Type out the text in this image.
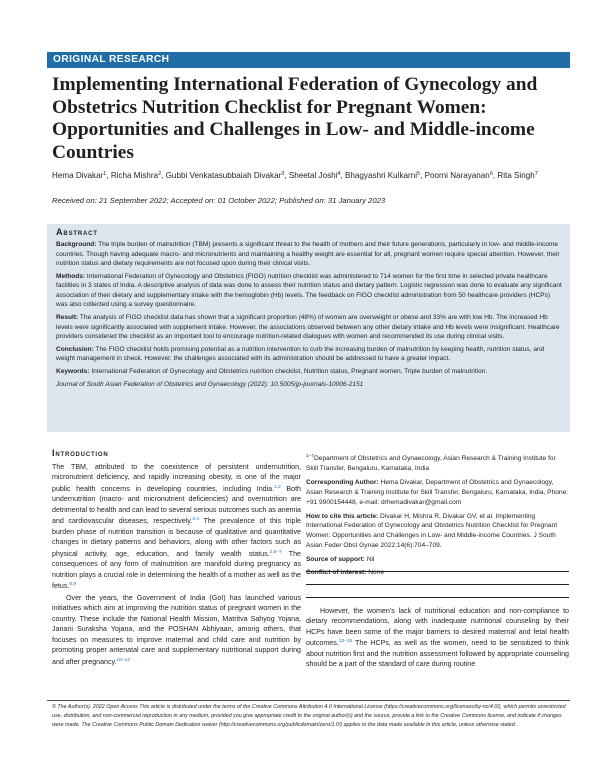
ORIGINAL RESEARCH
Implementing International Federation of Gynecology and Obstetrics Nutrition Checklist for Pregnant Women: Opportunities and Challenges in Low- and Middle-income Countries
Hema Divakar$^1$, Richa Mishra$^2$, Gubbi Venkatasubbaiah Divakar$^3$, Sheetal Joshi$^4$, Bhagyashri Kulkarni$^5$, Poorni Narayanan$^6$, Rita Singh$^7$
Received on: 21 September 2022; Accepted on: 01 October 2022; Published on: 31 January 2023
Abstract

Background: The triple burden of malnutrition (TBM) presents a significant threat to the health of mothers and their future generations, particularly in low- and middle-income countries. Though having adequate macro- and micronutrients and maintaining a healthy weight are essential for all, pregnant women require special attention. However, their nutrition status and dietary requirements are not focused upon during their clinical visits.

Methods: International Federation of Gynecology and Obstetrics (FIGO) nutrition checklist was administered to 714 women for the first time in selected private healthcare facilities in 3 states of India. A descriptive analysis of data was done to assess their nutrition status and dietary pattern. Logistic regression was done to evaluate any significant association of their dietary and supplementary intake with the hemoglobin (Hb) levels. The feedback on FIGO checklist administration from 50 healthcare providers (HCPs) was also collected using a survey questionnaire.

Result: The analysis of FIGO checklist data has shown that a significant proportion (48%) of women are overweight or obese and 33% are with low Hb. The increased Hb levels were significantly associated with supplement intake. However, the associations observed between any other dietary intake and Hb levels were insignificant. Healthcare providers considered the checklist as an important tool to encourage nutrition-related dialogues with women and recommended its use during clinical visits.

Conclusion: The FIGO checklist holds promising potential as a nutrition intervention to curb the increasing burden of malnutrition by keeping health, nutrition status, and weight management in check. However, the challenges associated with its administration should be addressed to have a greater impact.

Keywords: International Federation of Gynecology and Obstetrics nutrition checklist, Nutrition status, Pregnant women, Triple burden of malnutrition.

Journal of South Asian Federation of Obstetrics and Gynaecology (2022): 10.5005/jp-journals-10006-2151

Introduction

The TBM, attributed to the coexistence of persistent undernutrition, micronutrient deficiency, and rapidly increasing obesity, is one of the major public health concerns in developing countries, including India.$^{1,2}$ Both undernutrition (macro- and micronutrient deficiencies) and overnutrition are detrimental to health and can lead to several serious outcomes such as anemia and cardiovascular diseases, respectively.$^{3,4}$ The prevalence of this triple burden phase of nutrition transition is because of qualitative and quantitative changes in dietary patterns and behaviors, along with other factors such as physical activity, age, education, and family wealth status.$^{2,5-7}$ The consequences of any form of malnutrition are manifold during pregnancy as nutrition plays a crucial role in determining the health of a mother as well as the fetus.$^{8,9}$

Over the years, the Government of India (GoI) has launched various initiatives which aim at improving the nutrition status of pregnant women in the country. These include the National Health Mission, Matritva Sahyog Yojana, Janani Suraksha Yojana, and the POSHAN Abhiyaan, among others, that focuses on measures to improve maternal and child care and nutrition by promoting proper antenatal care and supplementary nutritional support during and after pregnancy.$^{10-12}$

$^{1-7}$Department of Obstetrics and Gynaecology, Asian Research & Training Institute for Skill Transfer, Bengaluru, Karnataka, India
Corresponding Author: Hema Divakar, Department of Obstetrics and Gynaecology, Asian Research & Training Institute for Skill Transfer, Bengaluru, Karnataka, India, Phone: +91 9900154448, e-mail: drhemadivakar@gmail.com
How to cite this article: Divakar H, Mishra R, Divakar GV, et al. Implementing International Federation of Gynecology and Obstetrics Nutrition Checklist for Pregnant Women: Opportunities and Challenges in Low- and Middle-income Countries. J South Asian Feder Obst Gynae 2022;14(6):704–709.
Source of support: Nil
Conflict of interest: None

However, the women’s lack of nutritional education and non-compliance to dietary recommendations, along with inadequate nutritional counseling by their HCPs have been some of the major barriers to desired maternal and fetal health outcomes.$^{13-15}$ The HCPs, as well as the women, need to be sensitized to think about nutrition first and the nutrition assessment followed by appropriate counseling should be a part of the standard of care during routine

© The Author(s). 2022 Open Access This article is distributed under the terms of the Creative Commons Attribution 4.0 International License (https://creativecommons.org/licenses/by-nc/4.0/), which permits unrestricted use, distribution, and non-commercial reproduction in any medium, provided you give appropriate credit to the original author(s) and the source, provide a link to the Creative Commons license, and indicate if changes were made. The Creative Commons Public Domain Dedication waiver (http://creativecommons.org/publicdomain/zero/1.0/) applies to the data made available in this article, unless otherwise stated.
